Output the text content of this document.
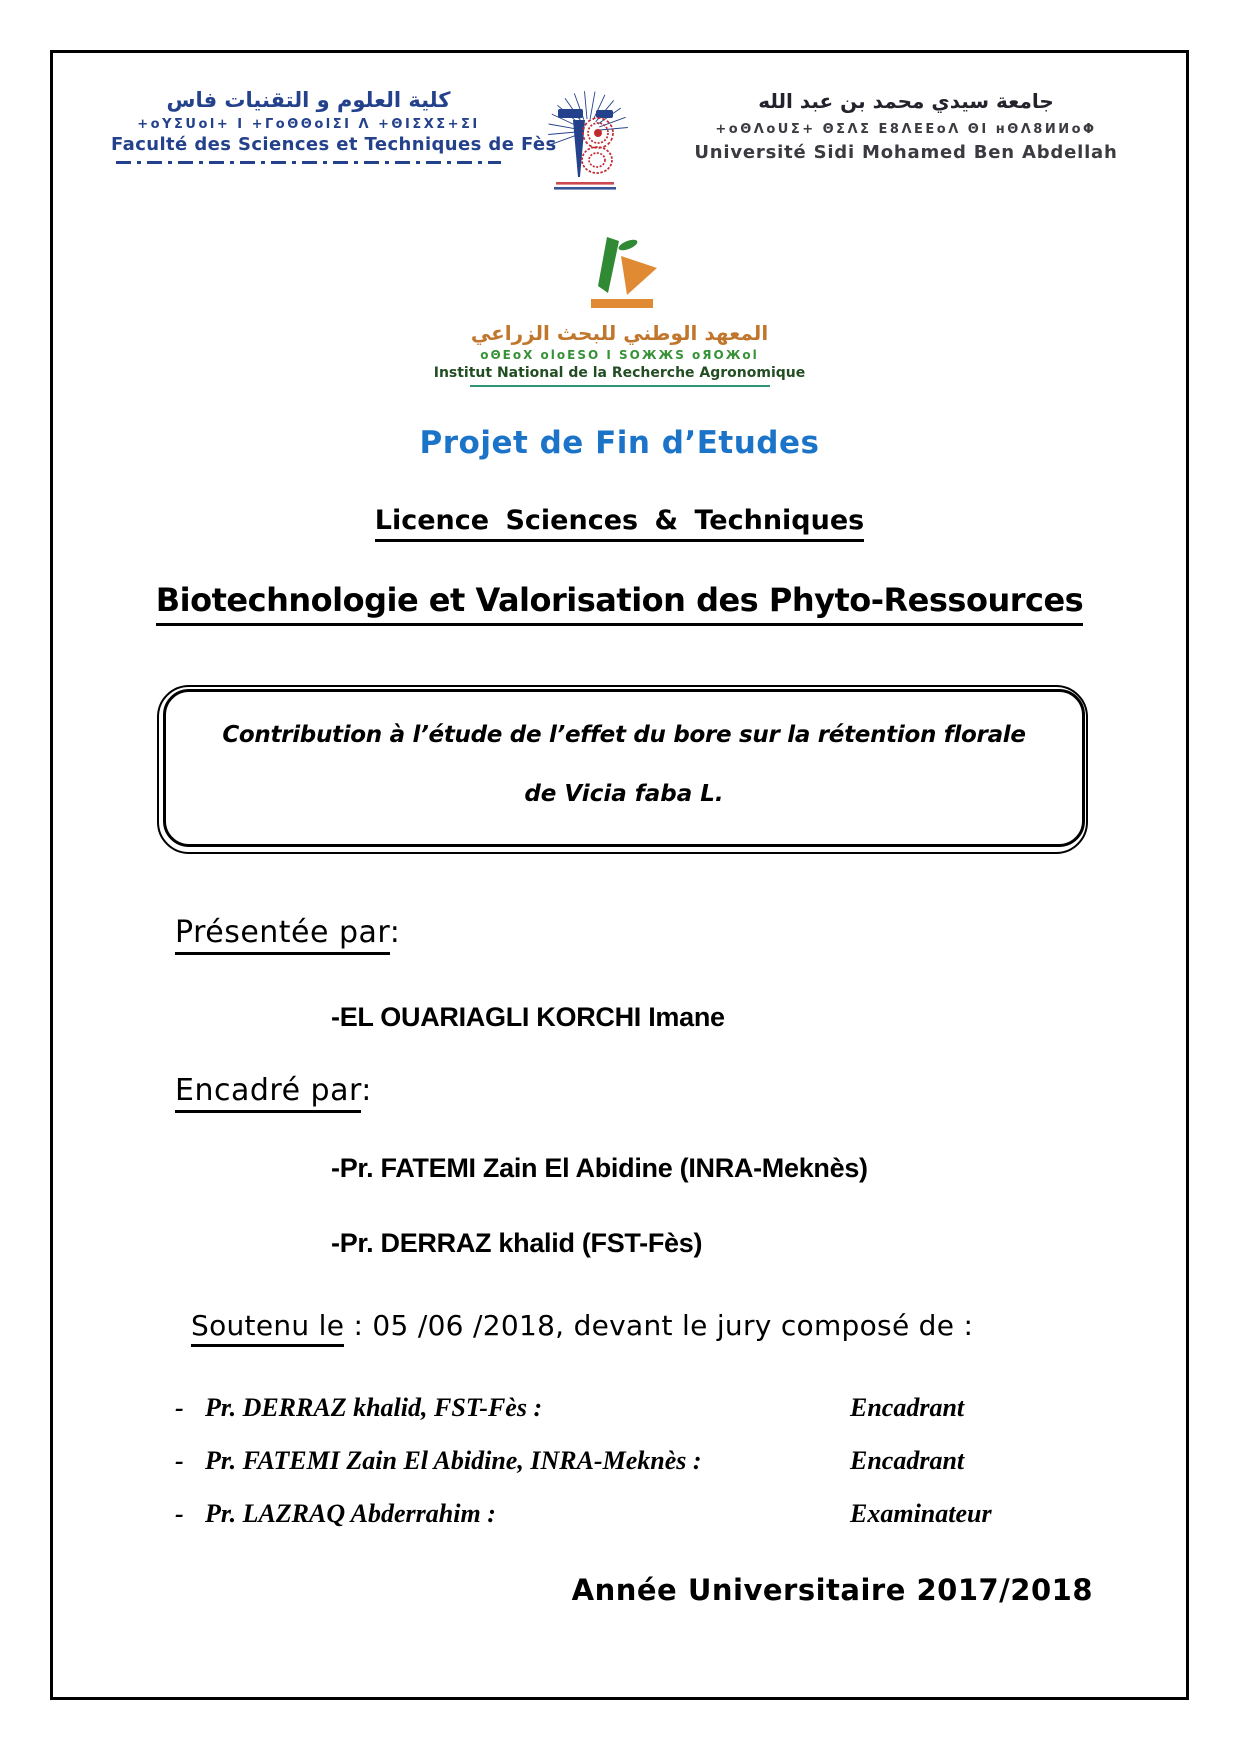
كلية العلوم و التقنيات فاس
+oYΣUol+ I +ΓoΘΘolΣI Λ +ΘIΣXΣ+ΣI
Faculté des Sciences et Techniques de Fès
جامعة سيدي محمد بن عبد الله
+oΘΛoUΣ+ ΘΣΛΣ Ε8ΛΕΕoΛ ΘΙ ʜΘΛ8ИИoΦ
Université Sidi Mohamed Ben Abdellah
المعهد الوطني للبحث الزراعي
oΘΕoX oloΕSO I SOЖЖS oЯOЖol
Institut National de la Recherche Agronomique
Projet de Fin d’Etudes
Licence Sciences & Techniques
Biotechnologie et Valorisation des Phyto-Ressources
Contribution à l’étude de l’effet du bore sur la rétention florale
de Vicia faba L.
Présentée par:
-EL OUARIAGLI KORCHI Imane
Encadré par:
-Pr. FATEMI Zain El Abidine (INRA-Meknès)
-Pr. DERRAZ khalid (FST-Fès)
Soutenu le : 05 /06 /2018, devant le jury composé de :
- Pr. DERRAZ khalid, FST-Fès :	Encadrant
- Pr. FATEMI Zain El Abidine, INRA-Meknès :	Encadrant
- Pr. LAZRAQ Abderrahim :	Examinateur
Année Universitaire 2017/2018
